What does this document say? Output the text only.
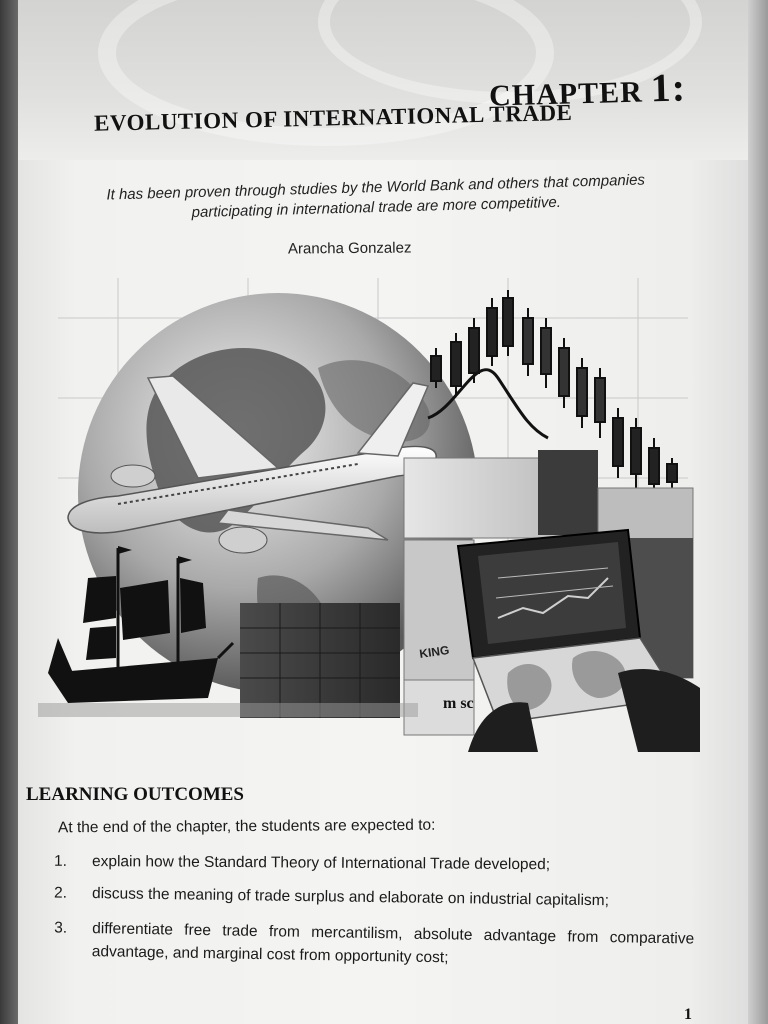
CHAPTER 1:
EVOLUTION OF INTERNATIONAL TRADE
It has been proven through studies by the World Bank and others that companies participating in international trade are more competitive.
Arancha Gonzalez
KING
m sc
LEARNING OUTCOMES
At the end of the chapter, the students are expected to:
1.	explain how the Standard Theory of International Trade developed;
2.	discuss the meaning of trade surplus and elaborate on industrial capitalism;
3.	differentiate free trade from mercantilism, absolute advantage from comparative advantage, and marginal cost from opportunity cost;
1
